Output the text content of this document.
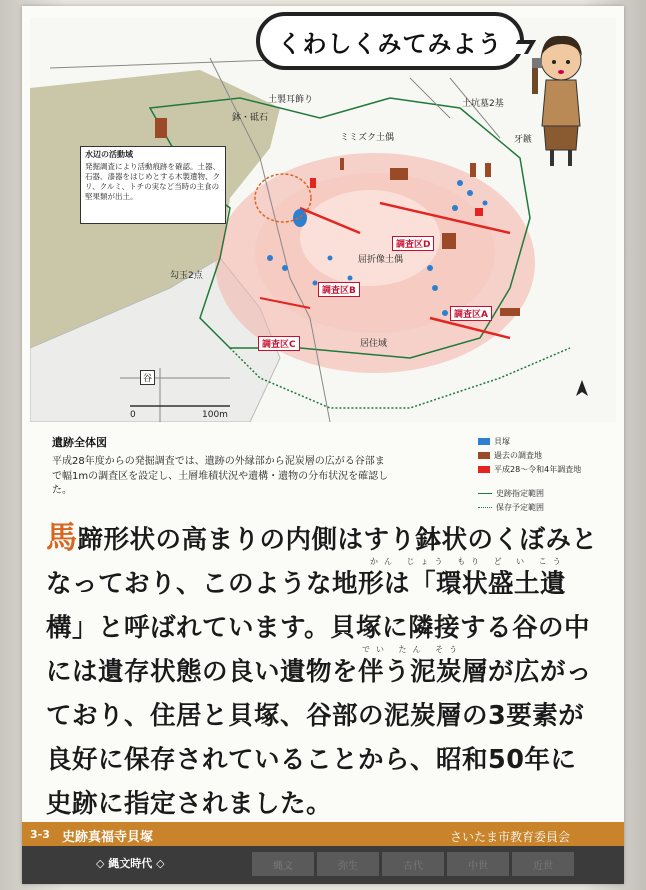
土製耳飾り
鉢・砥石
ミミズク土偶
土坑墓2基
牙鏃
屈折像土偶
勾玉2点
居住域
谷
0	100m
調査区A
調査区B
調査区C
調査区D
水辺の活動域
発掘調査により活動痕跡を確認。土器、石器、漆器をはじめとする木製遺物、クリ、クルミ、トチの実など当時の主食の堅果類が出土。
くわしくみてみよう
遺跡全体図
平成28年度からの発掘調査では、遺跡の外縁部から泥炭層の広がる谷部まで幅1mの調査区を設定し、土層堆積状況や遺構・遺物の分布状況を確認した。
貝塚
過去の調査地
平成28〜令和4年調査地
史跡指定範囲
保存予定範囲
かん じょう もり ど い こう
でい たん そう
馬蹄形状の高まりの内側はすり鉢状のくぼみとなっており、このような地形は「環状盛土遺構」と呼ばれています。貝塚に隣接する谷の中には遺存状態の良い遺物を伴う泥炭層が広がっており、住居と貝塚、谷部の泥炭層の3要素が良好に保存されていることから、昭和50年に史跡に指定されました。
3-3 史跡真福寺貝塚	さいたま市教育委員会
◇ 縄文時代 ◇	縄文	弥生	古代	中世	近世
